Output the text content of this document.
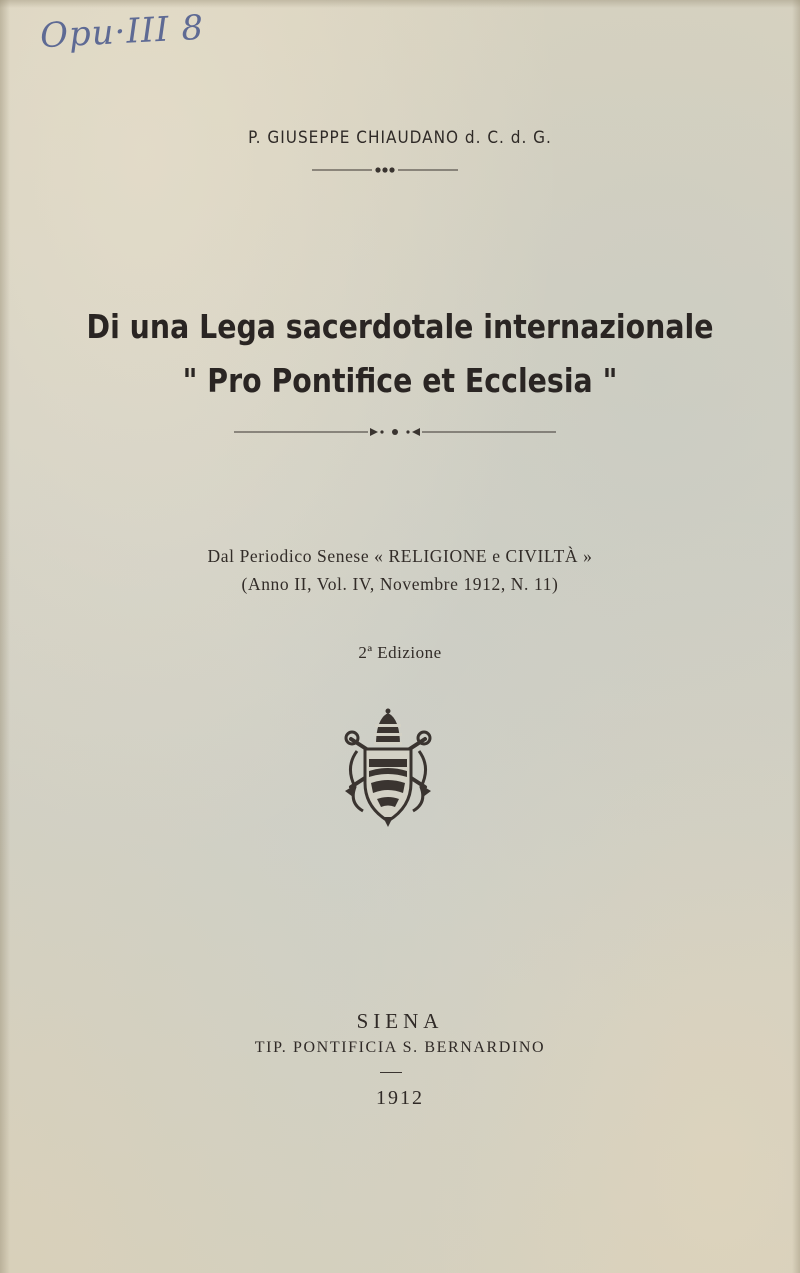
Opu·III 8
P. GIUSEPPE CHIAUDANO d. C. d. G.
Di una Lega sacerdotale internazionale
" Pro Pontifice et Ecclesia "
Dal Periodico Senese « RELIGIONE e CIVILTÀ »
(Anno II, Vol. IV, Novembre 1912, N. 11)
2ª Edizione
SIENA
TIP. PONTIFICIA S. BERNARDINO
1912
